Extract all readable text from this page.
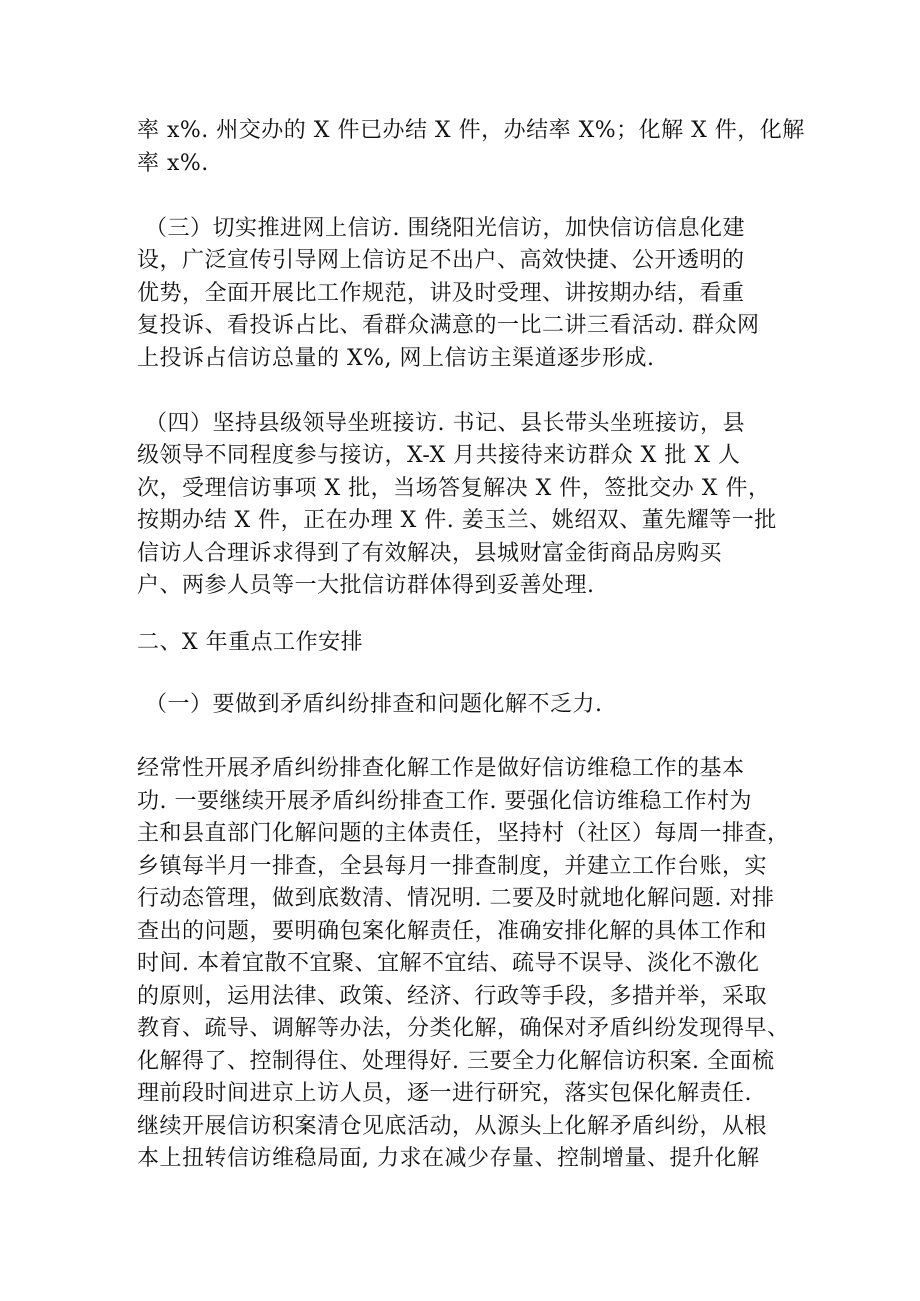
率 x%. 州交办的 X 件已办结 X 件，办结率 X%；化解 X 件，化解
率 x%.
（三）切实推进网上信访. 围绕阳光信访，加快信访信息化建
设，广泛宣传引导网上信访足不出户、高效快捷、公开透明的
优势，全面开展比工作规范，讲及时受理、讲按期办结，看重
复投诉、看投诉占比、看群众满意的一比二讲三看活动. 群众网
上投诉占信访总量的 X%, 网上信访主渠道逐步形成.
（四）坚持县级领导坐班接访. 书记、县长带头坐班接访，县
级领导不同程度参与接访，X-X 月共接待来访群众 X 批 X 人
次，受理信访事项 X 批，当场答复解决 X 件，签批交办 X 件，
按期办结 X 件，正在办理 X 件. 姜玉兰、姚绍双、董先耀等一批
信访人合理诉求得到了有效解决，县城财富金街商品房购买
户、两参人员等一大批信访群体得到妥善处理.
二、X 年重点工作安排
（一）要做到矛盾纠纷排查和问题化解不乏力.
经常性开展矛盾纠纷排查化解工作是做好信访维稳工作的基本
功. 一要继续开展矛盾纠纷排查工作. 要强化信访维稳工作村为
主和县直部门化解问题的主体责任，坚持村（社区）每周一排查，
乡镇每半月一排查，全县每月一排查制度，并建立工作台账，实
行动态管理，做到底数清、情况明. 二要及时就地化解问题. 对排
查出的问题，要明确包案化解责任，准确安排化解的具体工作和
时间. 本着宜散不宜聚、宜解不宜结、疏导不误导、淡化不激化
的原则，运用法律、政策、经济、行政等手段，多措并举，采取
教育、疏导、调解等办法，分类化解，确保对矛盾纠纷发现得早、
化解得了、控制得住、处理得好. 三要全力化解信访积案. 全面梳
理前段时间进京上访人员，逐一进行研究，落实包保化解责任.
继续开展信访积案清仓见底活动，从源头上化解矛盾纠纷，从根
本上扭转信访维稳局面, 力求在减少存量、控制增量、提升化解
